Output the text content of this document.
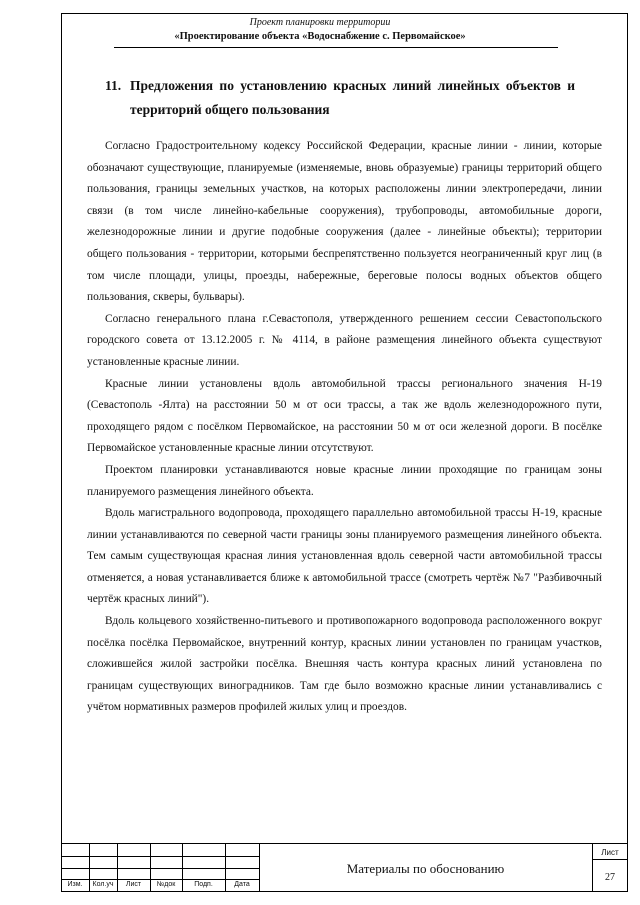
Проект планировки территории
«Проектирование объекта «Водоснабжение с. Первомайское»
11. Предложения по установлению красных линий линейных объектов и территорий общего пользования

Согласно Градостроительному кодексу Российской Федерации, красные линии - линии, которые обозначают существующие, планируемые (изменяемые, вновь образуемые) границы территорий общего пользования, границы земельных участков, на которых расположены линии электропередачи, линии связи (в том числе линейно-кабельные сооружения), трубопроводы, автомобильные дороги, железнодорожные линии и другие подобные сооружения (далее - линейные объекты); территории общего пользования - территории, которыми беспрепятственно пользуется неограниченный круг лиц (в том числе площади, улицы, проезды, набережные, береговые полосы водных объектов общего пользования, скверы, бульвары).

Согласно генерального плана г.Севастополя, утвержденного решением сессии Севастопольского городского совета от 13.12.2005 г. № 4114, в районе размещения линейного объекта существуют установленные красные линии.

Красные линии установлены вдоль автомобильной трассы регионального значения Н-19 (Севастополь -Ялта) на расстоянии 50 м от оси трассы, а так же вдоль железнодорожного пути, проходящего рядом с посёлком Первомайское, на расстоянии 50 м от оси железной дороги. В посёлке Первомайское установленные красные линии отсутствуют.

Проектом планировки устанавливаются новые красные линии проходящие по границам зоны планируемого размещения линейного объекта.

Вдоль магистрального водопровода, проходящего параллельно автомобильной трассы Н-19, красные линии устанавливаются по северной части границы зоны планируемого размещения линейного объекта. Тем самым существующая красная линия установленная вдоль северной части автомобильной трассы отменяется, а новая устанавливается ближе к автомобильной трассе (смотреть чертёж №7 "Разбивочный чертёж красных линий").

Вдоль кольцевого хозяйственно-питьевого и противопожарного водопровода расположенного вокруг посёлка посёлка Первомайское, внутренний контур, красных линии установлен по границам участков, сложившейся жилой застройки посёлка. Внешняя часть контура красных линий установлена по границам существующих виноградников. Там где было возможно красные линии устанавливались с учётом нормативных размеров профилей жилых улиц и проездов.

Изм.	Кол.уч	Лист	№док	Подп.	Дата
Материалы по обоснованию
Лист
27
